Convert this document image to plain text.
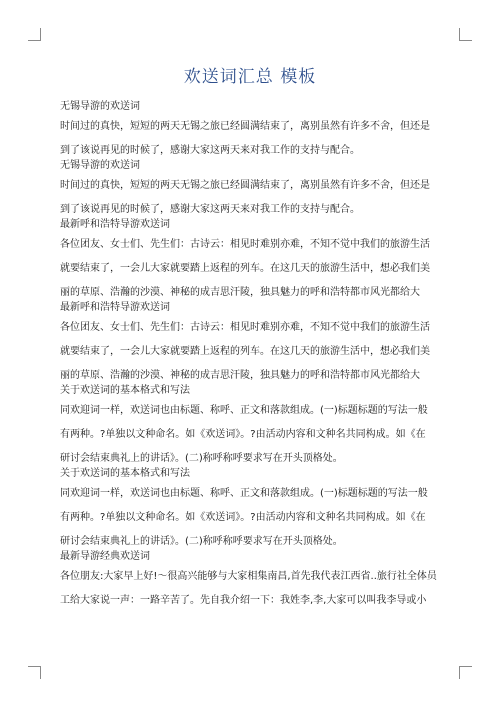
欢送词汇总 模板
无锡导游的欢送词
时间过的真快，短短的两天无锡之旅已经圆满结束了，离别虽然有许多不舍，但还是
到了该说再见的时候了，感谢大家这两天来对我工作的支持与配合。
无锡导游的欢送词
时间过的真快，短短的两天无锡之旅已经圆满结束了，离别虽然有许多不舍，但还是
到了该说再见的时候了，感谢大家这两天来对我工作的支持与配合。
最新呼和浩特导游欢送词
各位团友、女士们、先生们：古诗云：相见时难别亦难，不知不觉中我们的旅游生活
就要结束了，一会儿大家就要踏上返程的列车。在这几天的旅游生活中，想必我们美
丽的草原、浩瀚的沙漠、神秘的成吉思汗陵，独具魅力的呼和浩特都市风光都给大
最新呼和浩特导游欢送词
各位团友、女士们、先生们：古诗云：相见时难别亦难，不知不觉中我们的旅游生活
就要结束了，一会儿大家就要踏上返程的列车。在这几天的旅游生活中，想必我们美
丽的草原、浩瀚的沙漠、神秘的成吉思汗陵，独具魅力的呼和浩特都市风光都给大
关于欢送词的基本格式和写法
同欢迎词一样，欢送词也由标题、称呼、正文和落款组成。(一)标题标题的写法一般
有两种。?单独以文种命名。如《欢送词》。?由活动内容和文种名共同构成。如《在
研讨会结束典礼上的讲话》。(二)称呼称呼要求写在开头顶格处。
关于欢送词的基本格式和写法
同欢迎词一样，欢送词也由标题、称呼、正文和落款组成。(一)标题标题的写法一般
有两种。?单独以文种命名。如《欢送词》。?由活动内容和文种名共同构成。如《在
研讨会结束典礼上的讲话》。(二)称呼称呼要求写在开头顶格处。
最新导游经典欢送词
各位朋友:大家早上好!～很高兴能够与大家相集南昌,首先我代表江西省..旅行社全体员
工给大家说一声：一路辛苦了。先自我介绍一下：我姓李,李,大家可以叫我李导或小
